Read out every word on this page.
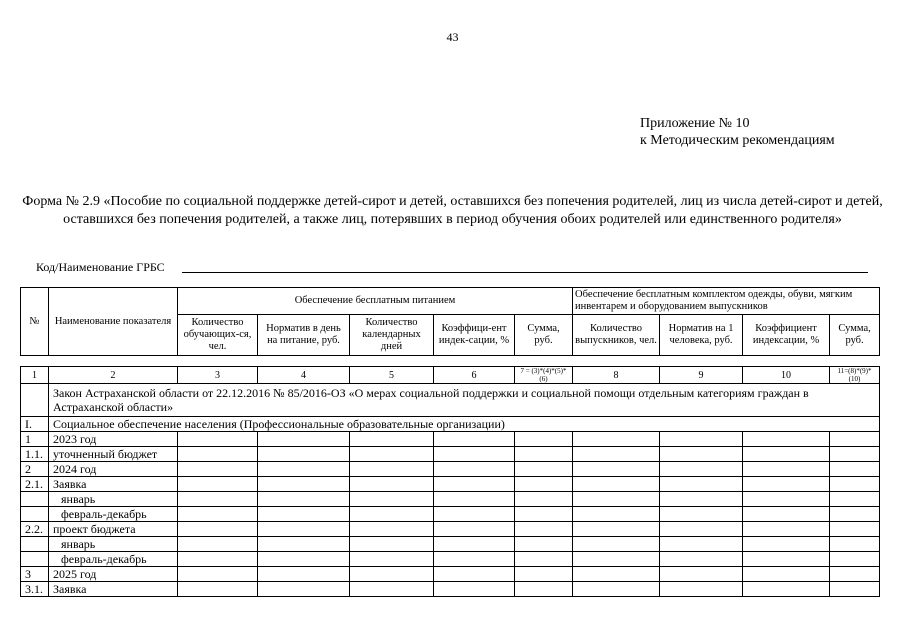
43
Приложение № 10
к Методическим рекомендациям
Форма № 2.9 «Пособие по социальной поддержке детей-сирот и детей, оставшихся без попечения родителей, лиц из числа детей-сирот и детей, оставшихся без попечения родителей, а также лиц, потерявших в период обучения обоих родителей или единственного родителя»
Код/Наименование ГРБС
№	Наименование показателя	Обеспечение бесплатным питанием					Обеспечение бесплатным комплектом одежды, обуви, мягким инвентарем и оборудованием выпускников			
		Количество обучающих-ся, чел.	Норматив в день на питание, руб.	Количество календарных дней	Коэффици-ент индек-сации, %	Сумма, руб.	Количество выпускников, чел.	Норматив на 1 человека, руб.	Коэффициент индексации, %	Сумма, руб.
1	2	3	4	5	6	7 = (3)*(4)*(5)*(6)	8	9	10	11=(8)*(9)*(10)
	Закон Астраханской области от 22.12.2016 № 85/2016-ОЗ «О мерах социальной поддержки и социальной помощи отдельным категориям граждан в Астраханской области»									
I.	Социальное обеспечение населения (Профессиональные образовательные организации)									
1	2023 год									
1.1.	уточненный бюджет									
2	2024 год									
2.1.	Заявка									
	январь									
	февраль-декабрь									
2.2.	проект бюджета									
	январь									
	февраль-декабрь									
3	2025 год									
3.1.	Заявка									
